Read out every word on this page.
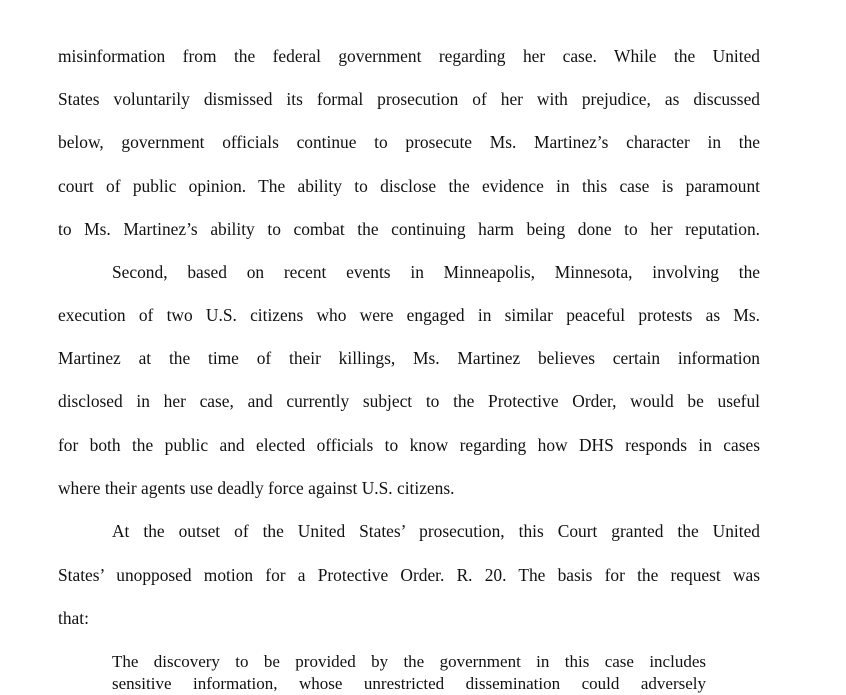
misinformation from the federal government regarding her case. While the United
States voluntarily dismissed its formal prosecution of her with prejudice, as discussed
below, government officials continue to prosecute Ms. Martinez’s character in the
court of public opinion. The ability to disclose the evidence in this case is paramount
to Ms. Martinez’s ability to combat the continuing harm being done to her reputation.
Second, based on recent events in Minneapolis, Minnesota, involving the
execution of two U.S. citizens who were engaged in similar peaceful protests as Ms.
Martinez at the time of their killings, Ms. Martinez believes certain information
disclosed in her case, and currently subject to the Protective Order, would be useful
for both the public and elected officials to know regarding how DHS responds in cases
where their agents use deadly force against U.S. citizens.
At the outset of the United States’ prosecution, this Court granted the United
States’ unopposed motion for a Protective Order. R. 20. The basis for the request was
that:
The discovery to be provided by the government in this case includes
sensitive information, whose unrestricted dissemination could adversely
